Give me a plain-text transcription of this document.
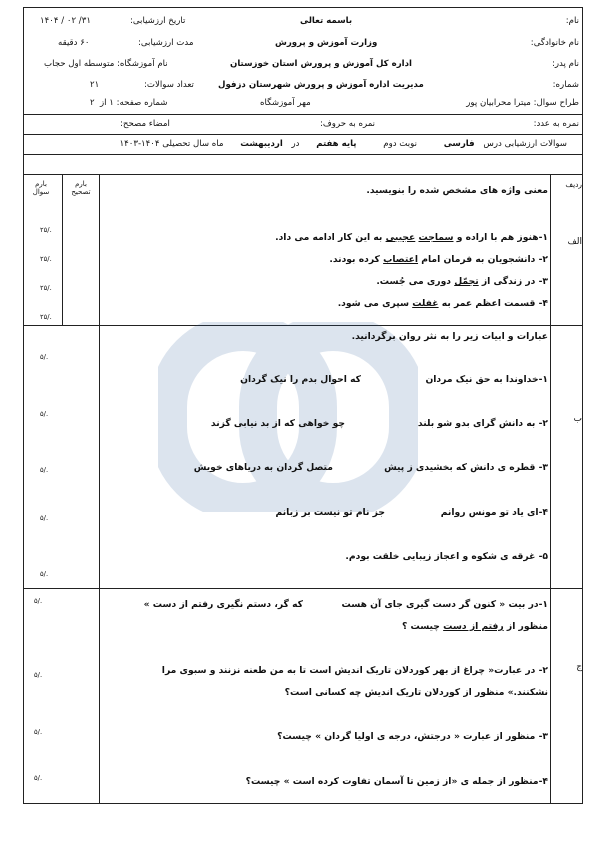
نام:
نام خانوادگی:
نام پدر:
شماره:
طراح سوال: میترا محرابیان پور
باسمه تعالی
وزارت آموزش و پرورش
اداره کل آموزش و پرورش استان خوزستان
مدیریت اداره آموزش و پرورش شهرستان دزفول
مهر آموزشگاه
تاریخ ارزشیابی:
۳۱/ ۰۲ / ۱۴۰۴
مدت ارزشیابی:
۶۰ دقیقه
نام آموزشگاه: متوسطه اول حجاب
تعداد سوالات:
۲۱
شماره صفحه: ۱ از
۲
نمره به عدد:
نمره به حروف:
امضاء مصحح:
سوالات ارزشیابی درس فارسی نوبت دوم پایه هفتم در اردیبهشت ماه سال تحصیلی ۱۴۰۴-۱۴۰۳
ردیف
بارم تصحیح
بارم سوال
الف
معنی واژه های مشخص شده را بنویسید.
۱-هنوز هم با اراده و سماجت عجیبی به این کار ادامه می داد.
۲- دانشجویان به فرمان امام اعتصاب کرده بودند.
۳- در زندگی از تجمّل دوری می جُست.
۴- قسمت اعظم عمر به غفلت سپری می شود.
۲۵/.
۲۵/.
۲۵/.
۲۵/.
ب
عبارات و ابیات زیر را به نثر روان برگردانید.
۱-خداوندا به حق نیک مردان
که احوال بدم را نیک گردان
۲- به دانش گرای بدو شو بلند
چو خواهی که از بد نیابی گزند
۳- قطره ی دانش که بخشیدی ز پیش
متصل گردان به دریاهای خویش
۴-ای یاد تو مونس روانم
جز نام تو نیست بر زبانم
۵- غرقه ی شکوه و اعجاز زیبایی خلقت بودم.
۵/.
۵/.
۵/.
۵/.
۵/.
ج
۱-در بیت « کنون گر دست گیری جای آن هست
که گر، دستم نگیری رفتم از دست »
منظور از رفتم از دست چیست ؟
۲- در عبارت« چراغ از بهر کوردلان تاریک اندیش است تا به من طعنه نزنند و سبوی مرا
نشکنند.» منظور از کوردلان تاریک اندیش چه کسانی است؟
۳- منظور از عبارت « درجتش، درجه ی اولیا گردان » چیست؟
۴-منظور از جمله ی «از زمین تا آسمان تفاوت کرده است » چیست؟
۵/.
۵/.
۵/.
۵/.
